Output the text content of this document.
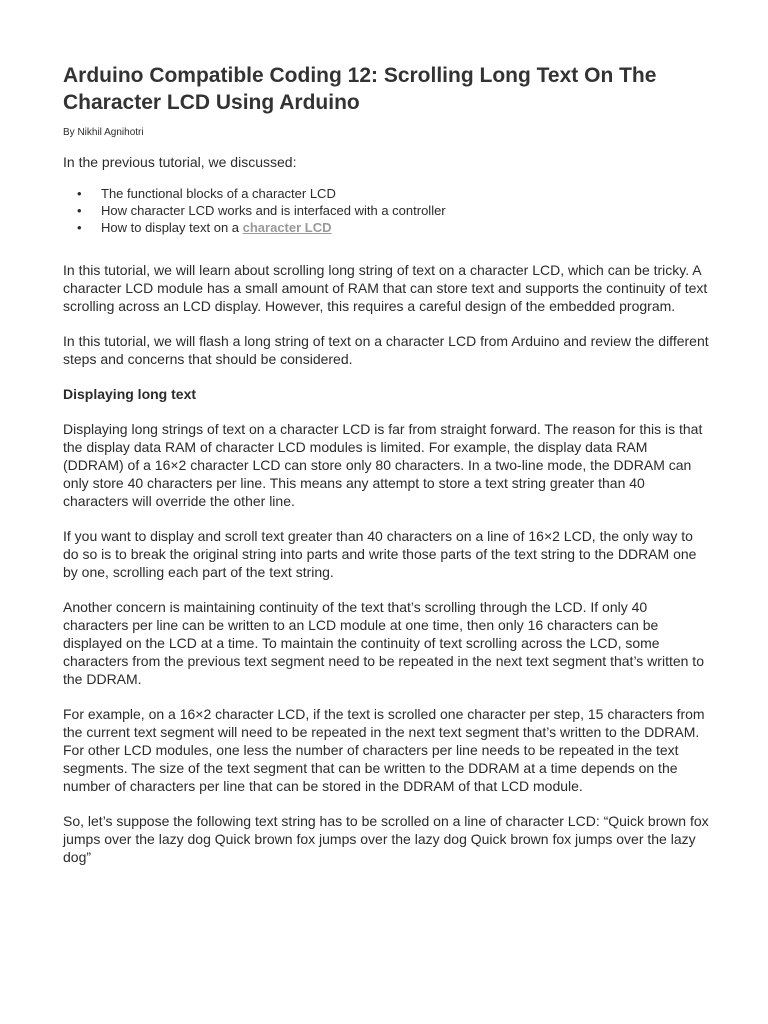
Arduino Compatible Coding 12: Scrolling Long Text On The Character LCD Using Arduino
By Nikhil Agnihotri

In the previous tutorial, we discussed:

• The functional blocks of a character LCD
• How character LCD works and is interfaced with a controller
• How to display text on a character LCD

In this tutorial, we will learn about scrolling long string of text on a character LCD, which can be tricky. A character LCD module has a small amount of RAM that can store text and supports the continuity of text scrolling across an LCD display. However, this requires a careful design of the embedded program.

In this tutorial, we will flash a long string of text on a character LCD from Arduino and review the different steps and concerns that should be considered.

Displaying long text

Displaying long strings of text on a character LCD is far from straight forward. The reason for this is that the display data RAM of character LCD modules is limited. For example, the display data RAM (DDRAM) of a 16×2 character LCD can store only 80 characters. In a two-line mode, the DDRAM can only store 40 characters per line. This means any attempt to store a text string greater than 40 characters will override the other line.

If you want to display and scroll text greater than 40 characters on a line of 16×2 LCD, the only way to do so is to break the original string into parts and write those parts of the text string to the DDRAM one by one, scrolling each part of the text string.

Another concern is maintaining continuity of the text that’s scrolling through the LCD. If only 40 characters per line can be written to an LCD module at one time, then only 16 characters can be displayed on the LCD at a time. To maintain the continuity of text scrolling across the LCD, some characters from the previous text segment need to be repeated in the next text segment that’s written to the DDRAM.

For example, on a 16×2 character LCD, if the text is scrolled one character per step, 15 characters from the current text segment will need to be repeated in the next text segment that’s written to the DDRAM. For other LCD modules, one less the number of characters per line needs to be repeated in the text segments. The size of the text segment that can be written to the DDRAM at a time depends on the number of characters per line that can be stored in the DDRAM of that LCD module.

So, let’s suppose the following text string has to be scrolled on a line of character LCD: “Quick brown fox jumps over the lazy dog Quick brown fox jumps over the lazy dog Quick brown fox jumps over the lazy dog”
